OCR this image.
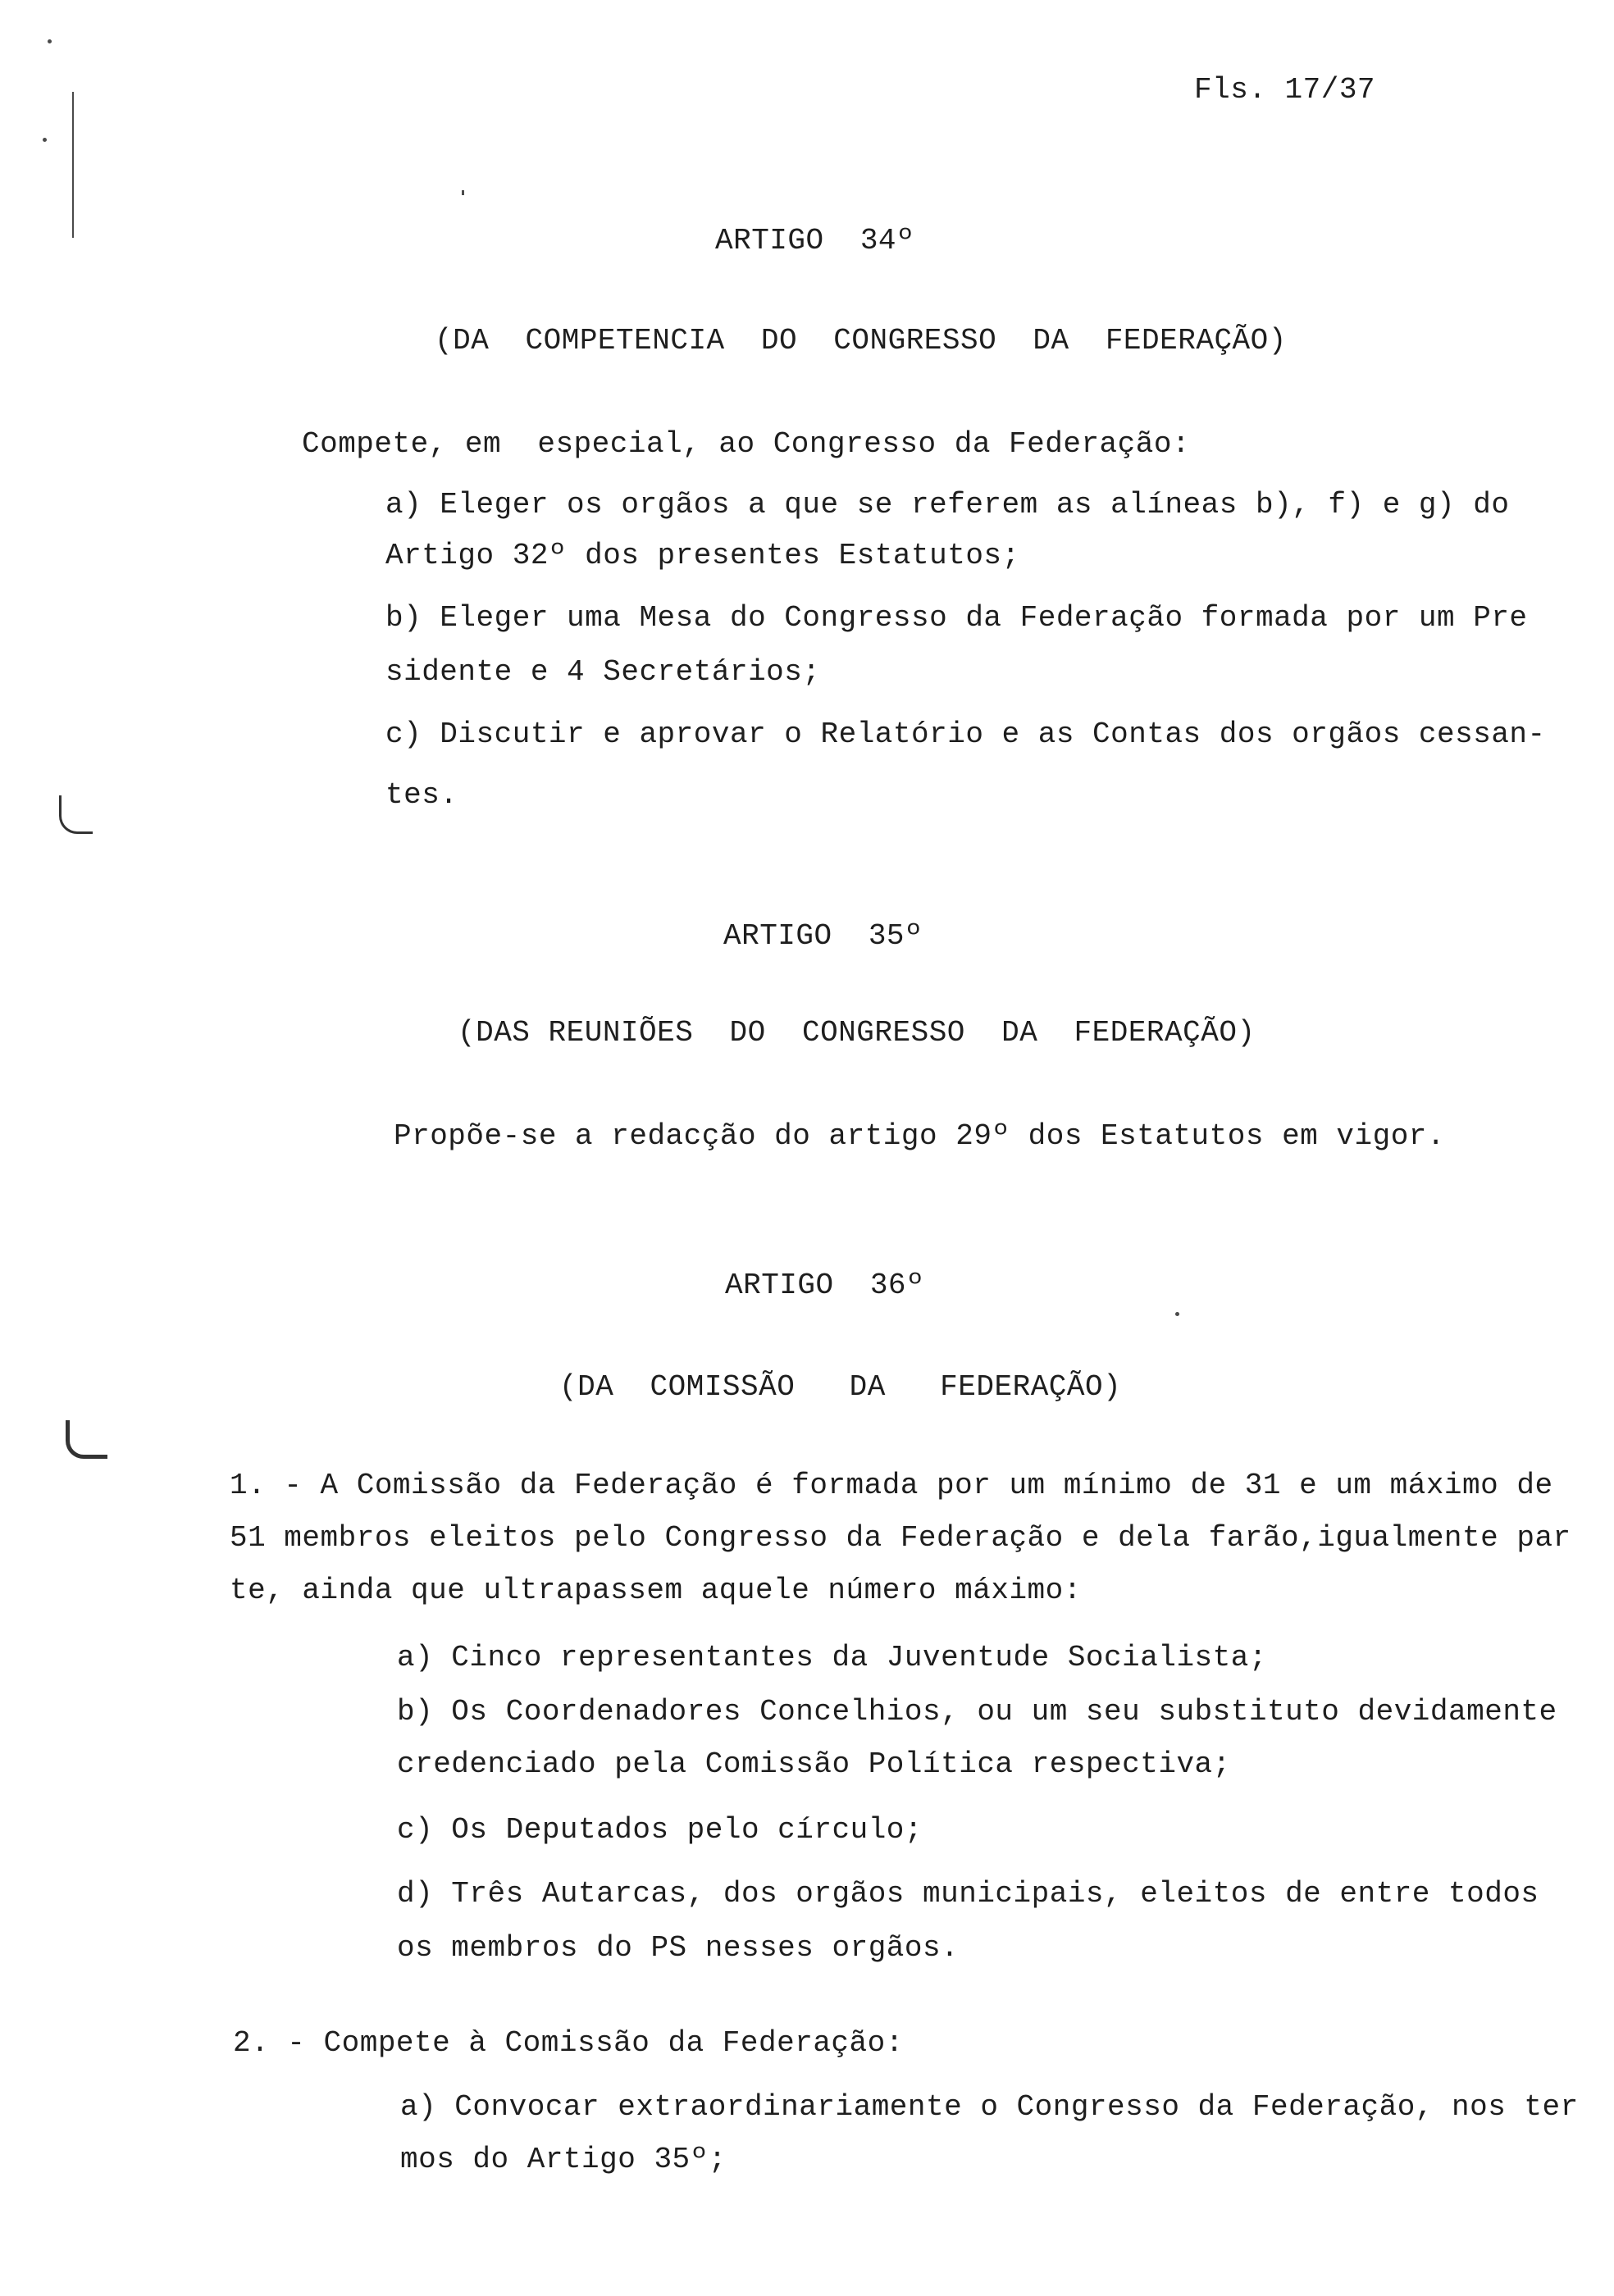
Fls. 17/37
ARTIGO  34º
(DA  COMPETENCIA  DO  CONGRESSO  DA  FEDERAÇÃO)
Compete, em  especial, ao Congresso da Federação:
a) Eleger os orgãos a que se referem as alíneas b), f) e g) do
Artigo 32º dos presentes Estatutos;
b) Eleger uma Mesa do Congresso da Federação formada por um Pre
sidente e 4 Secretários;
c) Discutir e aprovar o Relatório e as Contas dos orgãos cessan-
tes.
ARTIGO  35º
(DAS REUNIÕES  DO  CONGRESSO  DA  FEDERAÇÃO)
Propõe-se a redacção do artigo 29º dos Estatutos em vigor.
ARTIGO  36º
(DA  COMISSÃO   DA   FEDERAÇÃO)
1. - A Comissão da Federação é formada por um mínimo de 31 e um máximo de
51 membros eleitos pelo Congresso da Federação e dela farão,igualmente par
te, ainda que ultrapassem aquele número máximo:
a) Cinco representantes da Juventude Socialista;
b) Os Coordenadores Concelhios, ou um seu substituto devidamente
credenciado pela Comissão Política respectiva;
c) Os Deputados pelo círculo;
d) Três Autarcas, dos orgãos municipais, eleitos de entre todos
os membros do PS nesses orgãos.
2. - Compete à Comissão da Federação:
a) Convocar extraordinariamente o Congresso da Federação, nos ter
mos do Artigo 35º;
